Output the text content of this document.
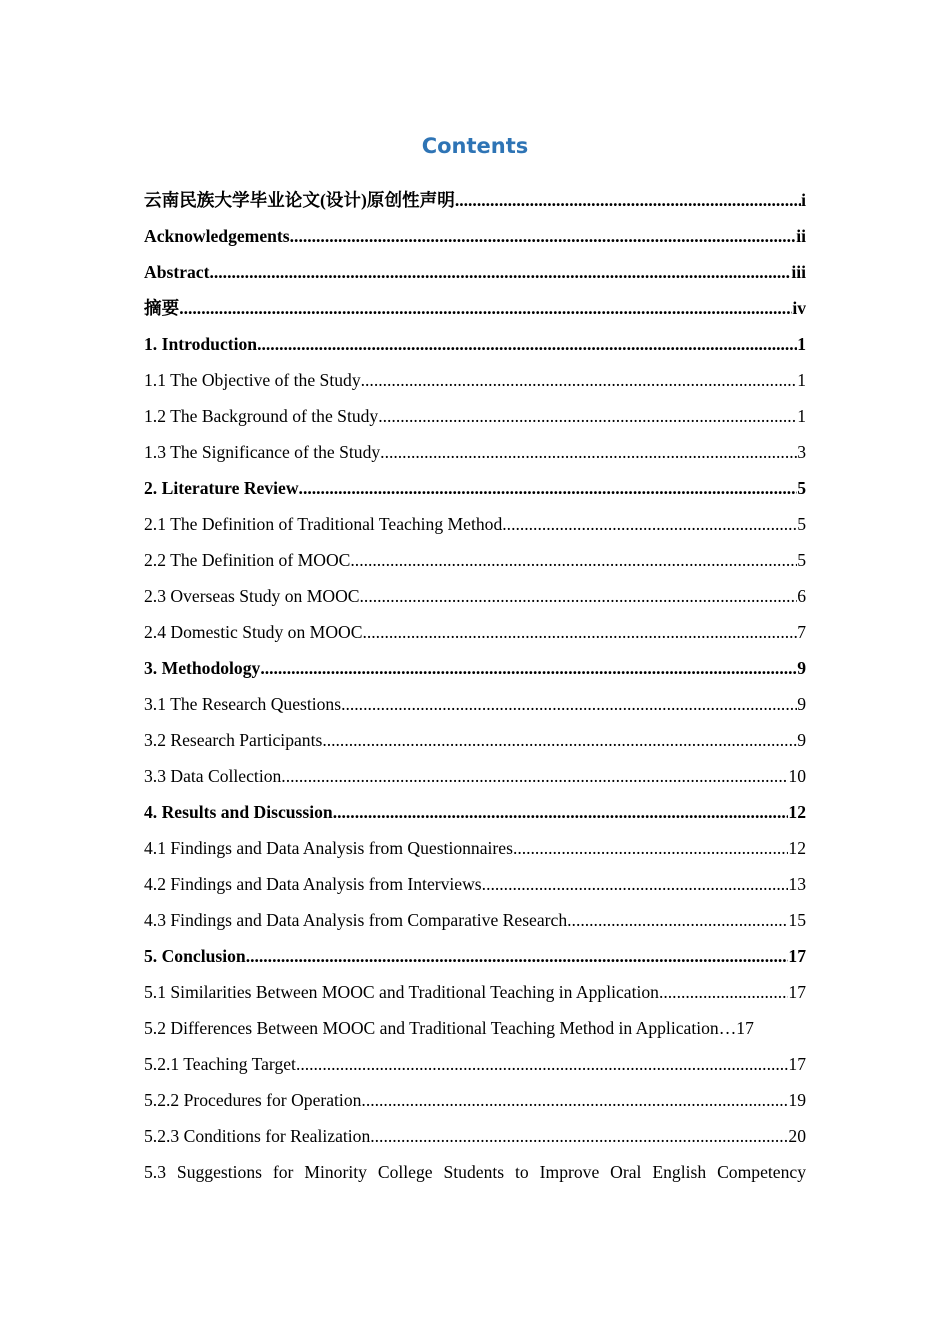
Contents
云南民族大学毕业论文(设计)原创性声明 .....	i
Acknowledgements .....	ii
Abstract .....	iii
摘要 .....	iv
1. Introduction .....	1
1.1 The Objective of the Study .....	1
1.2 The Background of the Study .....	1
1.3 The Significance of the Study .....	3
2. Literature Review .....	5
2.1 The Definition of Traditional Teaching Method .....	5
2.2 The Definition of MOOC .....	5
2.3 Overseas Study on MOOC .....	6
2.4 Domestic Study on MOOC .....	7
3. Methodology .....	9
3.1 The Research Questions .....	9
3.2 Research Participants .....	9
3.3 Data Collection .....	10
4. Results and Discussion .....	12
4.1 Findings and Data Analysis from Questionnaires .....	12
4.2 Findings and Data Analysis from Interviews .....	13
4.3 Findings and Data Analysis from Comparative Research .....	15
5. Conclusion .....	17
5.1 Similarities Between MOOC and Traditional Teaching in Application .....	17
5.2 Differences Between MOOC and Traditional Teaching Method in Application … 17
5.2.1 Teaching Target .....	17
5.2.2 Procedures for Operation .....	19
5.2.3 Conditions for Realization .....	20
5.3 Suggestions for Minority College Students to Improve Oral English Competency
